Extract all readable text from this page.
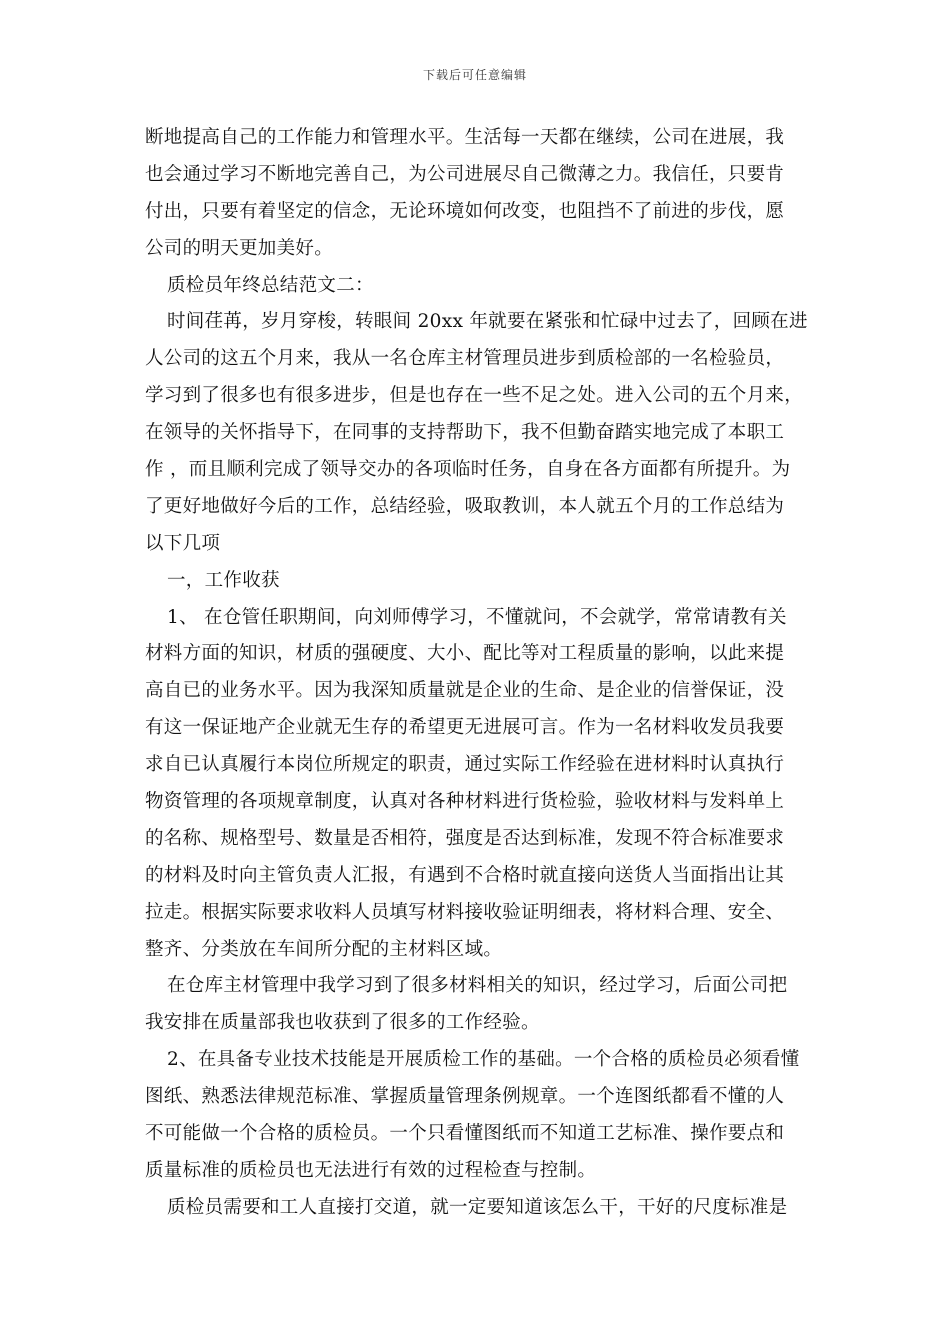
下载后可任意编辑
断地提高自己的工作能力和管理水平。生活每一天都在继续，公司在进展，我
也会通过学习不断地完善自己，为公司进展尽自己微薄之力。我信任，只要肯
付出，只要有着坚定的信念，无论环境如何改变，也阻挡不了前进的步伐，愿
公司的明天更加美好。
质检员年终总结范文二：
时间荏苒，岁月穿梭，转眼间 20xx 年就要在紧张和忙碌中过去了，回顾在进
人公司的这五个月来，我从一名仓库主材管理员进步到质检部的一名检验员，
学习到了很多也有很多进步，但是也存在一些不足之处。进入公司的五个月来，
在领导的关怀指导下，在同事的支持帮助下，我不但勤奋踏实地完成了本职工
作 ，而且顺利完成了领导交办的各项临时任务，自身在各方面都有所提升。为
了更好地做好今后的工作，总结经验，吸取教训，本人就五个月的工作总结为
以下几项
一，工作收获
1、 在仓管任职期间，向刘师傅学习，不懂就问，不会就学，常常请教有关
材料方面的知识，材质的强硬度、大小、配比等对工程质量的影响，以此来提
高自已的业务水平。因为我深知质量就是企业的生命、是企业的信誉保证，没
有这一保证地产企业就无生存的希望更无进展可言。作为一名材料收发员我要
求自已认真履行本岗位所规定的职责，通过实际工作经验在进材料时认真执行
物资管理的各项规章制度，认真对各种材料进行货检验，验收材料与发料单上
的名称、规格型号、数量是否相符，强度是否达到标准，发现不符合标准要求
的材料及时向主管负责人汇报，有遇到不合格时就直接向送货人当面指出让其
拉走。根据实际要求收料人员填写材料接收验证明细表，将材料合理、安全、
整齐、分类放在车间所分配的主材料区域。
在仓库主材管理中我学习到了很多材料相关的知识，经过学习，后面公司把
我安排在质量部我也收获到了很多的工作经验。
2、在具备专业技术技能是开展质检工作的基础。一个合格的质检员必须看懂
图纸、熟悉法律规范标准、掌握质量管理条例规章。一个连图纸都看不懂的人
不可能做一个合格的质检员。一个只看懂图纸而不知道工艺标准、操作要点和
质量标准的质检员也无法进行有效的过程检查与控制。
质检员需要和工人直接打交道，就一定要知道该怎么干，干好的尺度标准是
